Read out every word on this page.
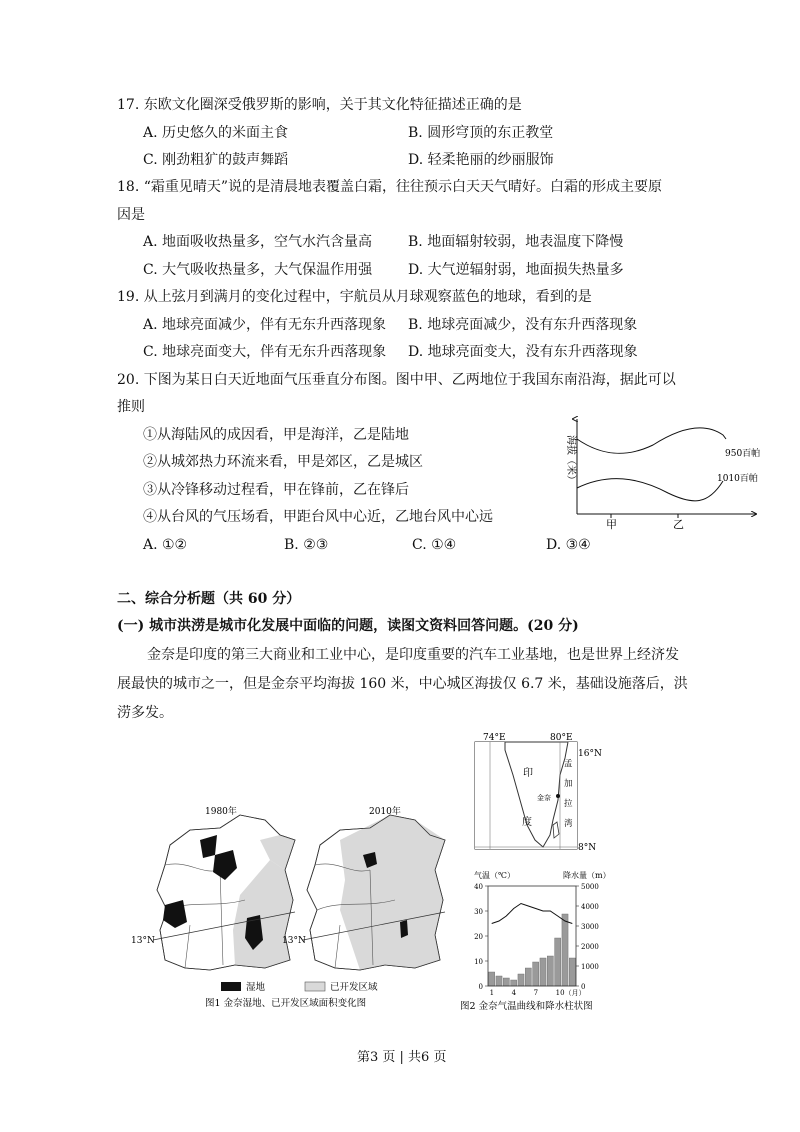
17. 东欧文化圈深受俄罗斯的影响，关于其文化特征描述正确的是
A. 历史悠久的米面主食	B. 圆形穹顶的东正教堂
C. 刚劲粗犷的鼓声舞蹈	D. 轻柔艳丽的纱丽服饰
18. “霜重见晴天”说的是清晨地表覆盖白霜，往往预示白天天气晴好。白霜的形成主要原
因是
A. 地面吸收热量多，空气水汽含量高	B. 地面辐射较弱，地表温度下降慢
C. 大气吸收热量多，大气保温作用强	D. 大气逆辐射弱，地面损失热量多
19. 从上弦月到满月的变化过程中，宇航员从月球观察蓝色的地球，看到的是
A. 地球亮面减少，伴有无东升西落现象 B. 地球亮面减少，没有东升西落现象
C. 地球亮面变大，伴有无东升西落现象 D. 地球亮面变大，没有东升西落现象
20. 下图为某日白天近地面气压垂直分布图。图中甲、乙两地位于我国东南沿海，据此可以
推则
①从海陆风的成因看，甲是海洋，乙是陆地
②从城郊热力环流来看，甲是郊区，乙是城区
③从冷锋移动过程看，甲在锋前，乙在锋后
④从台风的气压场看，甲距台风中心近，乙地台风中心远
A. ①②	B. ②③	C. ①④	D. ③④
海拔（米）	950百帕
1010百帕
甲	乙
二、综合分析题（共 60 分）
(一) 城市洪涝是城市化发展中面临的问题，读图文资料回答问题。(20 分)
金奈是印度的第三大商业和工业中心，是印度重要的汽车工业基地，也是世界上经济发
展最快的城市之一，但是金奈平均海拔 160 米，中心城区海拔仅 6.7 米，基础设施落后，洪
涝多发。
1980年	2010年
13°N	13°N
湿地	已开发区域
图1 金奈湿地、已开发区域面积变化图
74°E	80°E
16°N
8°N
印
度
金奈
孟
加
拉
湾
气温（℃）	降水量（m）
40
30
20
10
0
5000
4000
3000
2000
1000
0
1	4	7	10（月）
图2 金奈气温曲线和降水柱状图
第3 页 | 共6 页
